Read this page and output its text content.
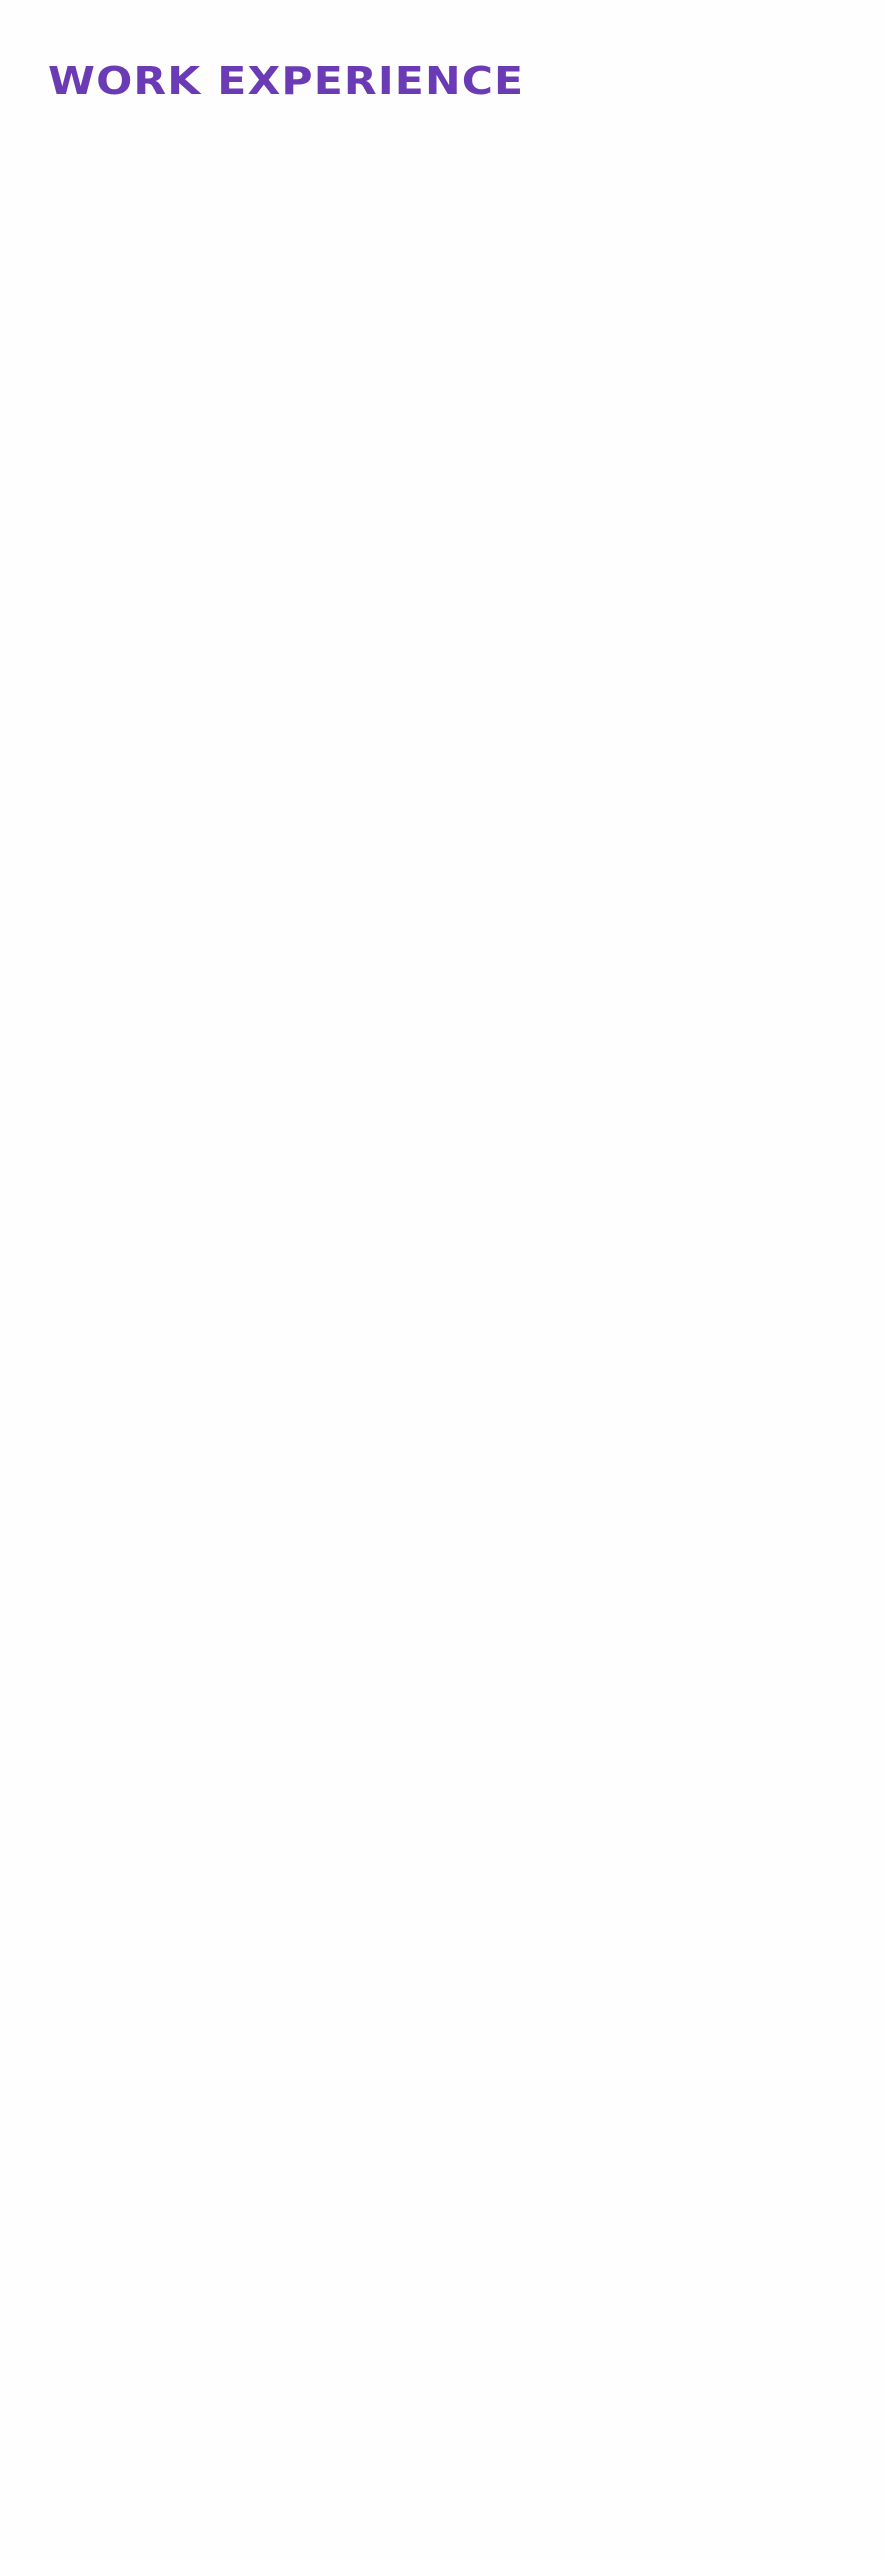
WORK EXPERIENCE
